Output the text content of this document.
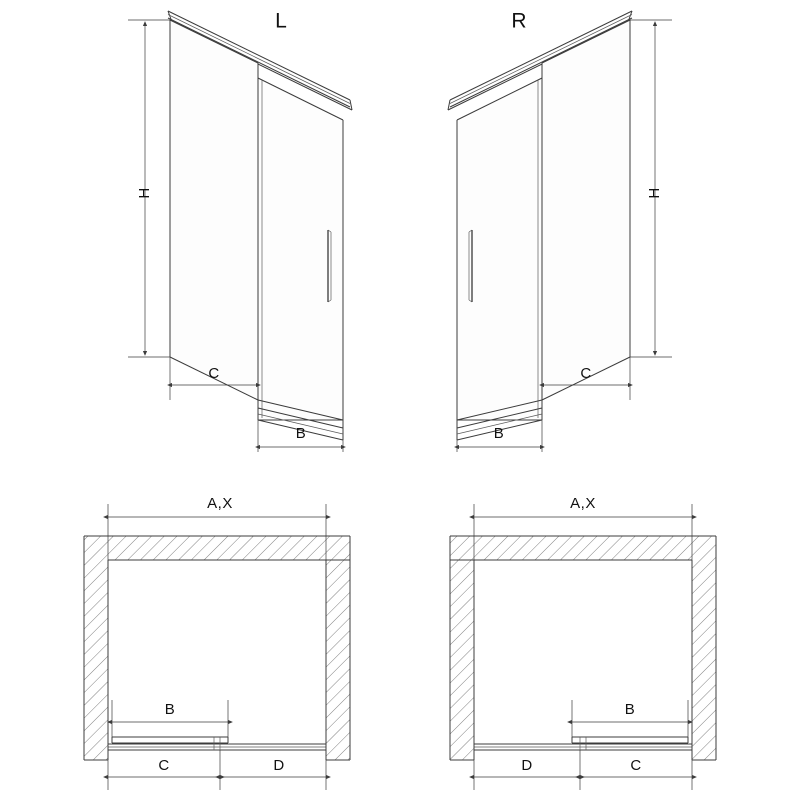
H
C
B
L
H
C
B
R
A,X
B
C	D
A,X
B
D	C
